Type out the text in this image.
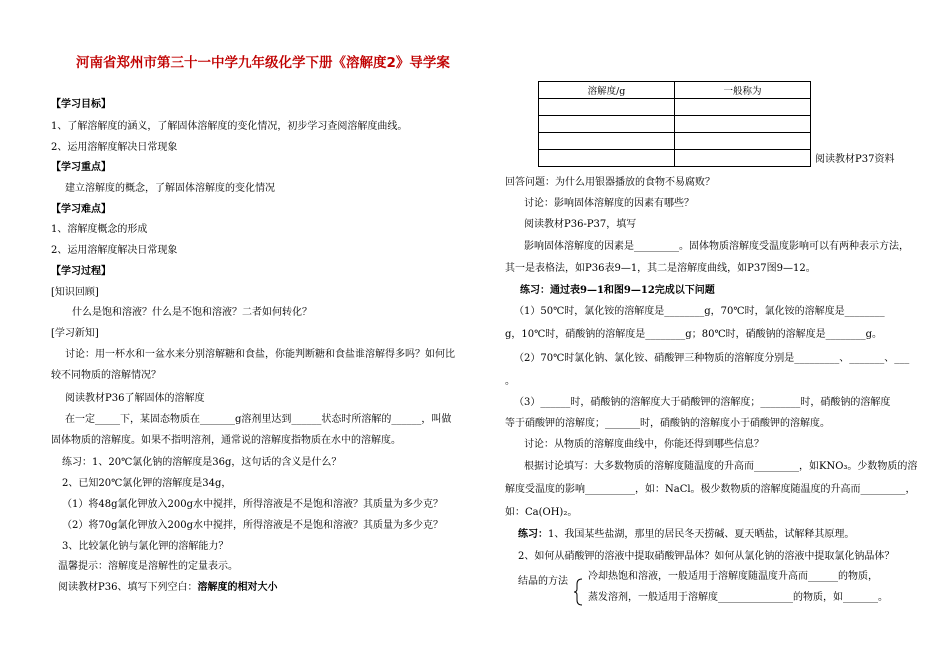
河南省郑州市第三十一中学九年级化学下册《溶解度2》导学案
【学习目标】
1、了解溶解度的涵义，了解固体溶解度的变化情况，初步学习查阅溶解度曲线。
2、运用溶解度解决日常现象
【学习重点】
建立溶解度的概念，了解固体溶解度的变化情况
【学习难点】
1、溶解度概念的形成
2、运用溶解度解决日常现象
【学习过程】
[知识回顾]
什么是饱和溶液？什么是不饱和溶液？二者如何转化？
[学习新知]
讨论：用一杯水和一盆水来分别溶解糖和食盐，你能判断糖和食盐谁溶解得多吗？如何比
较不同物质的溶解情况？
阅读教材P36了解固体的溶解度
在一定_____下，某固态物质在_______g溶剂里达到______状态时所溶解的______，叫做
固体物质的溶解度。如果不指明溶剂，通常说的溶解度指物质在水中的溶解度。
练习：1、20℃氯化钠的溶解度是36g，这句话的含义是什么？
2、已知20℃氯化钾的溶解度是34g，
（1）将48g氯化钾放入200g水中搅拌，所得溶液是不是饱和溶液？其质量为多少克？
（2）将70g氯化钾放入200g水中搅拌，所得溶液是不是饱和溶液？其质量为多少克？
3、比较氯化钠与氯化钾的溶解能力？
温馨提示：溶解度是溶解性的定量表示。
阅读教材P36、填写下列空白：溶解度的相对大小
溶解度/g	一般称为

阅读教材P37资料
回答问题：为什么用银器播放的食物不易腐败？
讨论：影响固体溶解度的因素有哪些？
阅读教材P36-P37，填写
影响固体溶解度的因素是_________。固体物质溶解度受温度影响可以有两种表示方法，
其一是表格法，如P36表9—1，其二是溶解度曲线，如P37图9—12。
练习：通过表9—1和图9—12完成以下问题
（1）50℃时，氯化铵的溶解度是________g，70℃时，氯化铵的溶解度是________
g，10℃时，硝酸钠的溶解度是________g；80℃时，硝酸钠的溶解度是________g。
（2）70℃时氯化钠、氯化铵、硝酸钾三种物质的溶解度分别是_________、_______、___
。
（3）______时，硝酸钠的溶解度大于硝酸钾的溶解度；________时，硝酸钠的溶解度
等于硝酸钾的溶解度；_______时，硝酸钠的溶解度小于硝酸钾的溶解度。
讨论：从物质的溶解度曲线中，你能还得到哪些信息？
根据讨论填写：大多数物质的溶解度随温度的升高而_________，如KNO₃。少数物质的溶
解度受温度的影响__________，如：NaCl。极少数物质的溶解度随温度的升高而_________，
如：Ca(OH)₂。
练习：1、我国某些盐湖，那里的居民冬天捞碱、夏天晒盐，试解释其原理。
2、如何从硝酸钾的溶液中提取硝酸钾晶体？如何从氯化钠的溶液中提取氯化钠晶体？
结晶的方法 冷却热饱和溶液，一般适用于溶解度随温度升高而______的物质，
蒸发溶剂，一般适用于溶解度_______________的物质，如_______。
